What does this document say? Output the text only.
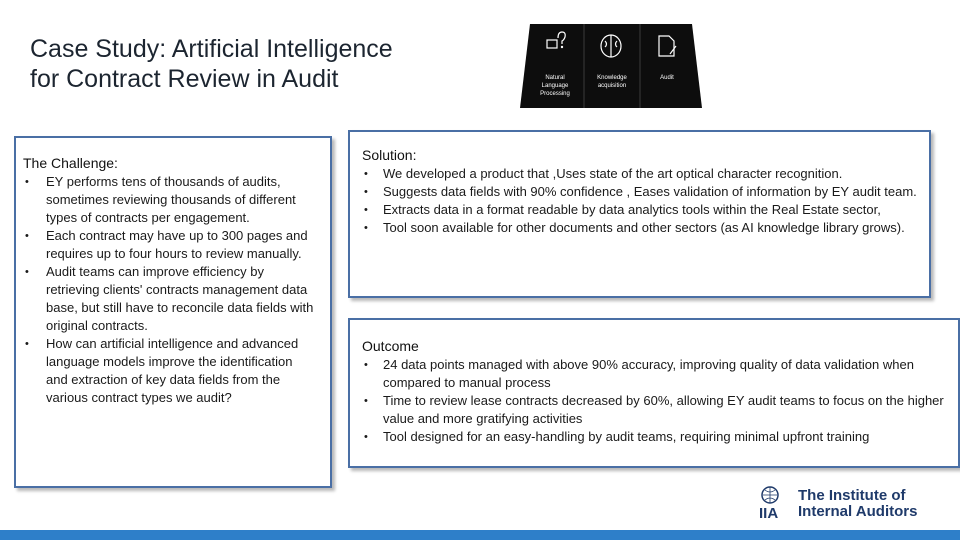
Case Study: Artificial Intelligence
for Contract Review in Audit	Natural
Language
Processing
Knowledge
acquisition
Audit
The Challenge:
• EY performs tens of thousands of audits, sometimes reviewing thousands of different types of contracts per engagement.
• Each contract may have up to 300 pages and requires up to four hours to review manually.
• Audit teams can improve efficiency by retrieving clients' contracts management data base, but still have to reconcile data fields with original contracts.
• How can artificial intelligence and advanced language models improve the identification and extraction of key data fields from the various contract types we audit?
Solution:
• We developed a product that ,Uses state of the art optical character recognition.
• Suggests data fields with 90% confidence , Eases validation of information by EY audit team.
• Extracts data in a format readable by data analytics tools within the Real Estate sector,
• Tool soon available for other documents and other sectors (as AI knowledge library grows).
Outcome
• 24 data points managed with above 90% accuracy, improving quality of data validation when compared to manual process
• Time to review lease contracts decreased by 60%, allowing EY audit teams to focus on the higher value and more gratifying activities
• Tool designed for an easy-handling by audit teams, requiring minimal upfront training
IIA
The Institute of
Internal Auditors
